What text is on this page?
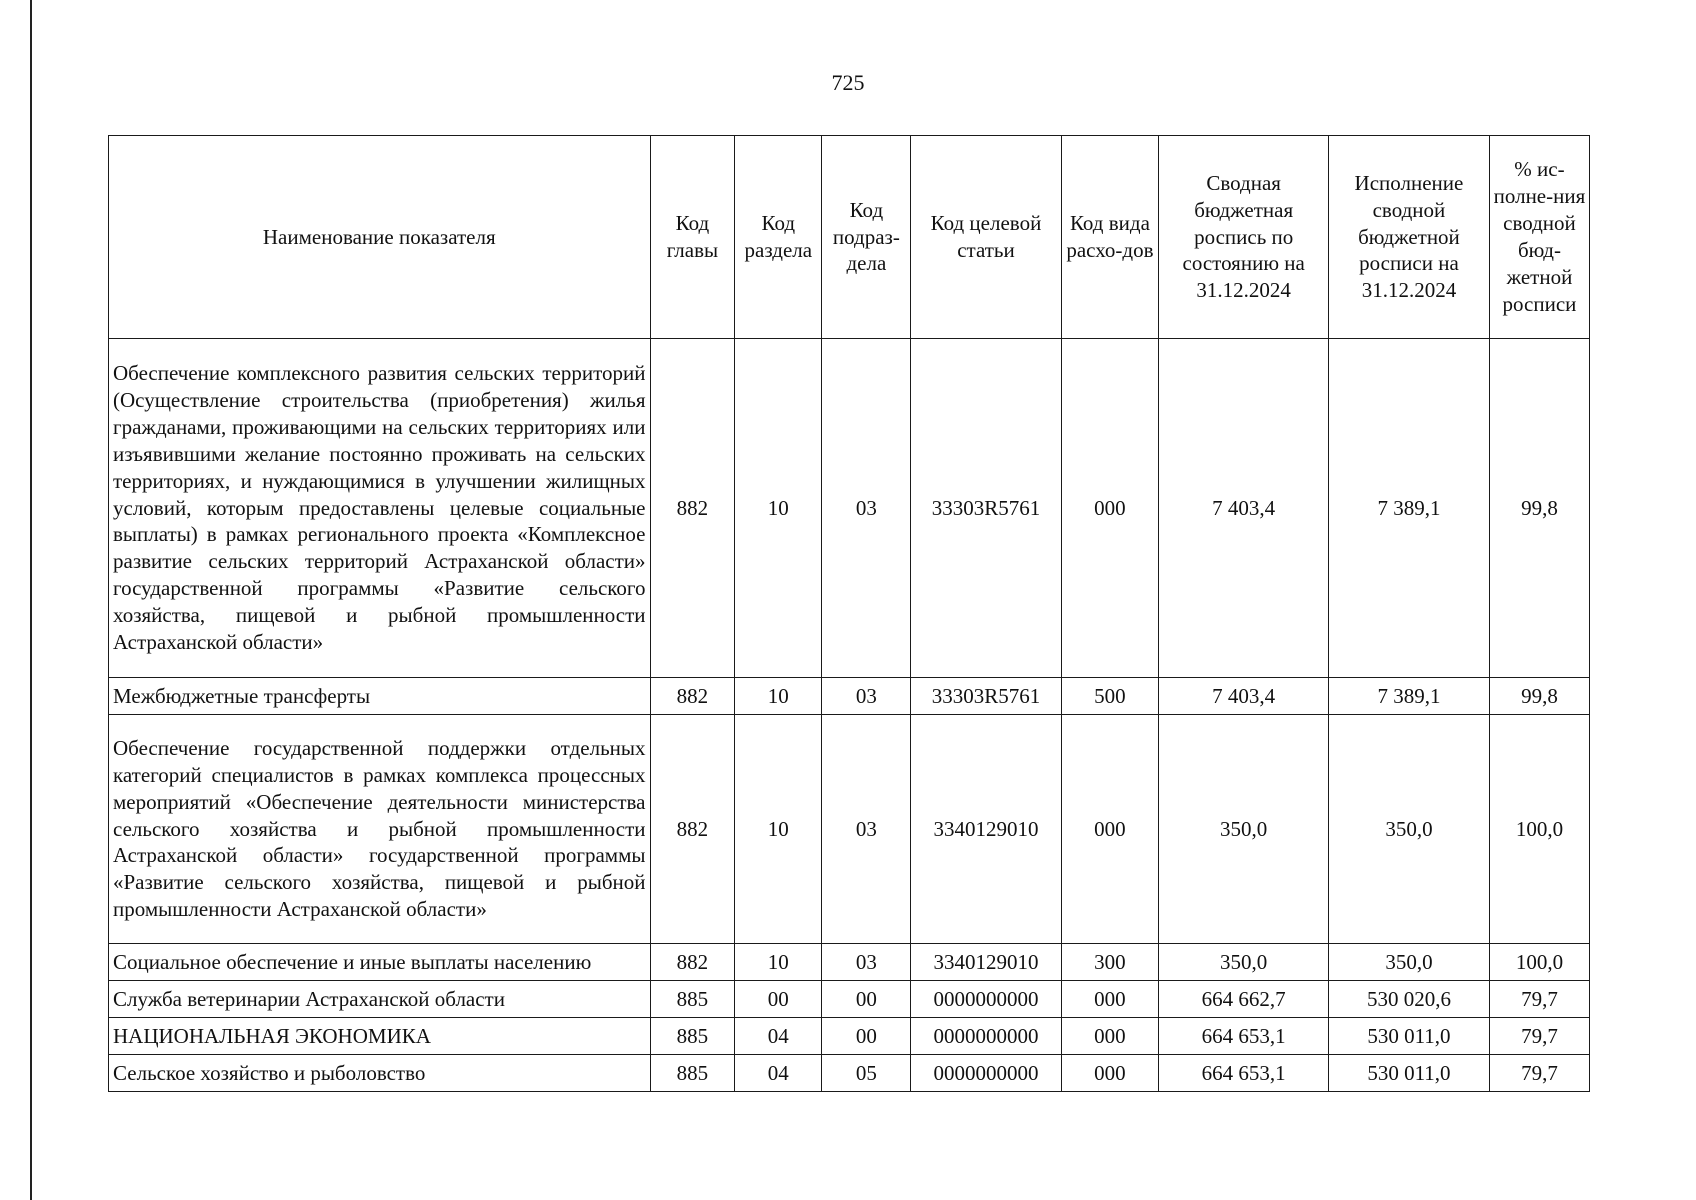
725
Наименование показателя	Код главы	Код раздела	Код подраз-дела	Код целевой статьи	Код вида расхо-дов	Сводная бюджетная роспись по состоянию на 31.12.2024	Исполнение сводной бюджетной росписи на 31.12.2024	% ис-полне-ния сводной бюд-жетной росписи
Обеспечение комплексного развития сельских территорий (Осуществление строительства (приобретения) жилья гражданами, проживающими на сельских территориях или изъявившими желание постоянно проживать на сельских территориях, и нуждающимися в улучшении жилищных условий, которым предоставлены целевые социальные выплаты) в рамках регионального проекта «Комплексное развитие сельских территорий Астраханской области» государственной программы «Развитие сельского хозяйства, пищевой и рыбной промышленности Астраханской области»	882	10	03	33303R5761	000	7 403,4	7 389,1	99,8
Межбюджетные трансферты	882	10	03	33303R5761	500	7 403,4	7 389,1	99,8
Обеспечение государственной поддержки отдельных категорий специалистов в рамках комплекса процессных мероприятий «Обеспечение деятельности министерства сельского хозяйства и рыбной промышленности Астраханской области» государственной программы «Развитие сельского хозяйства, пищевой и рыбной промышленности Астраханской области»	882	10	03	3340129010	000	350,0	350,0	100,0
Социальное обеспечение и иные выплаты населению	882	10	03	3340129010	300	350,0	350,0	100,0
Служба ветеринарии Астраханской области	885	00	00	0000000000	000	664 662,7	530 020,6	79,7
НАЦИОНАЛЬНАЯ ЭКОНОМИКА	885	04	00	0000000000	000	664 653,1	530 011,0	79,7
Сельское хозяйство и рыболовство	885	04	05	0000000000	000	664 653,1	530 011,0	79,7
